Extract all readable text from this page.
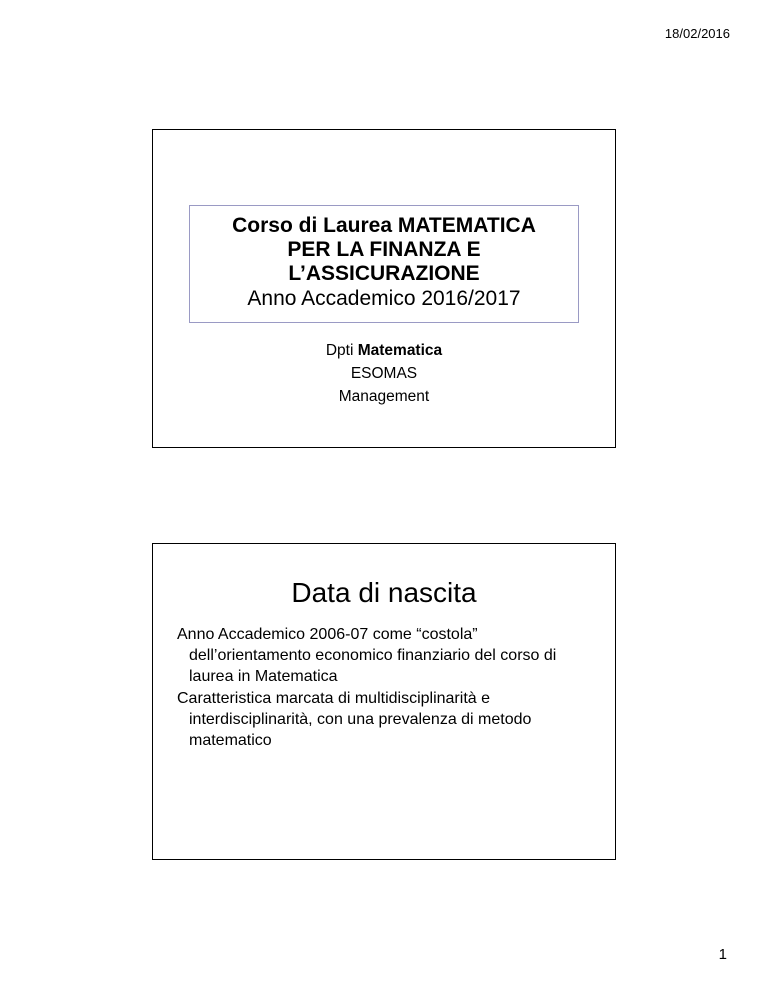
18/02/2016
Corso di Laurea MATEMATICA
PER LA FINANZA E
L’ASSICURAZIONE
Anno Accademico 2016/2017
Dpti Matematica
ESOMAS
Management
Data di nascita

Anno Accademico 2006-07 come “costola” dell’orientamento economico finanziario del corso di laurea in Matematica

Caratteristica marcata di multidisciplinarità e interdisciplinarità, con una prevalenza di metodo matematico

1
